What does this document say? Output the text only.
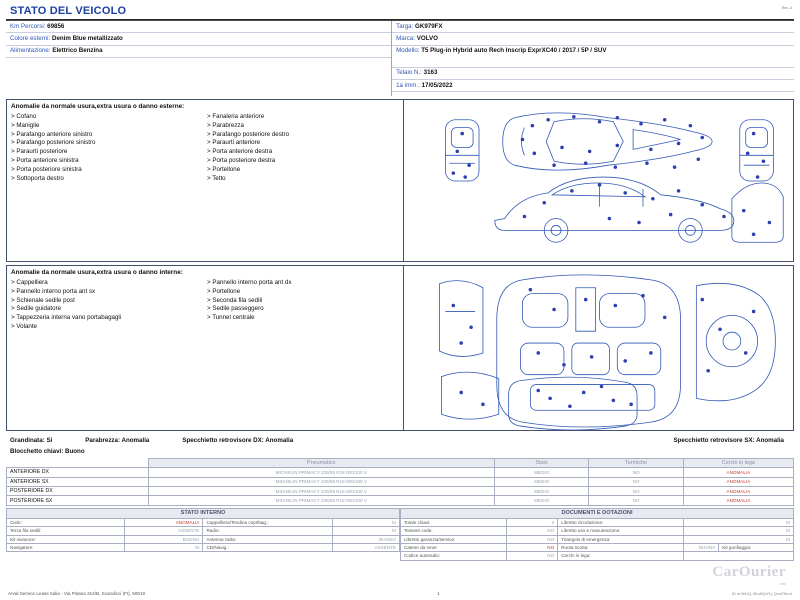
Rev. A
STATO DEL VEICOLO
Km Percorsi: 69856
Colore esterni: Denim Blue metallizzato
Alimentazione: Elettrico Benzina
Targa: GK979FX
Marca: VOLVO
Modello: T5 Plug-in Hybrid auto Rech Inscrip ExprXC40 / 2017 / 5P / SUV
Telaio N.: 3163
1a imm.: 17/05/2022
Anomalie da normale usura,extra usura o danno esterne:
> Cofano
> Maniglie
> Parafango anteriore sinistro
> Parafango posteriore sinistro
> Paraurti posteriore
> Porta anteriore sinistra
> Porta posteriore sinistra
> Sottoporta destro
> Fanaleria anteriore
> Parabrezza
> Parafango posteriore destro
> Paraurti anteriore
> Porta anteriore destra
> Porta posteriore destra
> Portellone
> Tetto
Anomalie da normale usura,extra usura o danno interne:
> Cappelliera
> Pannello interno porta ant sx
> Schienale sedile post
> Sedile guidatore
> Tappezzeria interna vano portabagagli
> Volante
> Pannello interno porta ant dx
> Portellone
> Seconda fila sedili
> Sedile passeggero
> Tunnel centrale
Grandinata: Si	Parabrezza: Anomalia	Specchietto retrovisore DX: Anomalia	Specchietto retrovisore SX: Anomalia
Blocchetto chiavi:
Buono
	Pneumatico	Stato	Termiche	Cerchi in lega
ANTERIORE DX	MICHELIN PRIMACY 235/55 R18 000/100 V	MEDIO	NO	ANOMALIA
ANTERIORE SX	MICHELIN PRIMACY 235/55 R18 000/100 V	MEDIO	NO	ANOMALIA
POSTERIORE DX	MICHELIN PRIMACY 235/55 R18 000/100 V	MEDIO	NO	ANOMALIA
POSTERIORE SX	MICHELIN PRIMACY 235/55 R18 000/100 V	MEDIO	NO	ANOMALIA
STATO INTERNO			
Cielo:	ANOMALIA	Cappelliera/Tendina copribag.:	SI
Terza fila sedili:	ASSENTE	Radio:	SI
Kit vivavoce:	BUONO	Antenna radio:	BUONO
Navigatore:	SI	CD/Navig.:	ASSENTE
DOCUMENTI E DOTAZIONI				
Totale chiavi:	2	Libretto circolazione:	SI	
Tessere code:	NO	Libretto uso e manutenzione:	SI	
Libretto garanzia/service:	NO	Triangolo di emergenza:	SI	
Catene da neve:	NO	Ruota scorta:	BUONA	Kit gonfiaggio:
Codice autoradio:	NO	Cerchi in lega:		
CarOurier
.eu
Arval Service Lease Italia - Via Pisana 314/B, Scandicci (FI), 50018	1	ID nr.fiNJQ-3Ku5QvR-j-Qcol78v.sl
